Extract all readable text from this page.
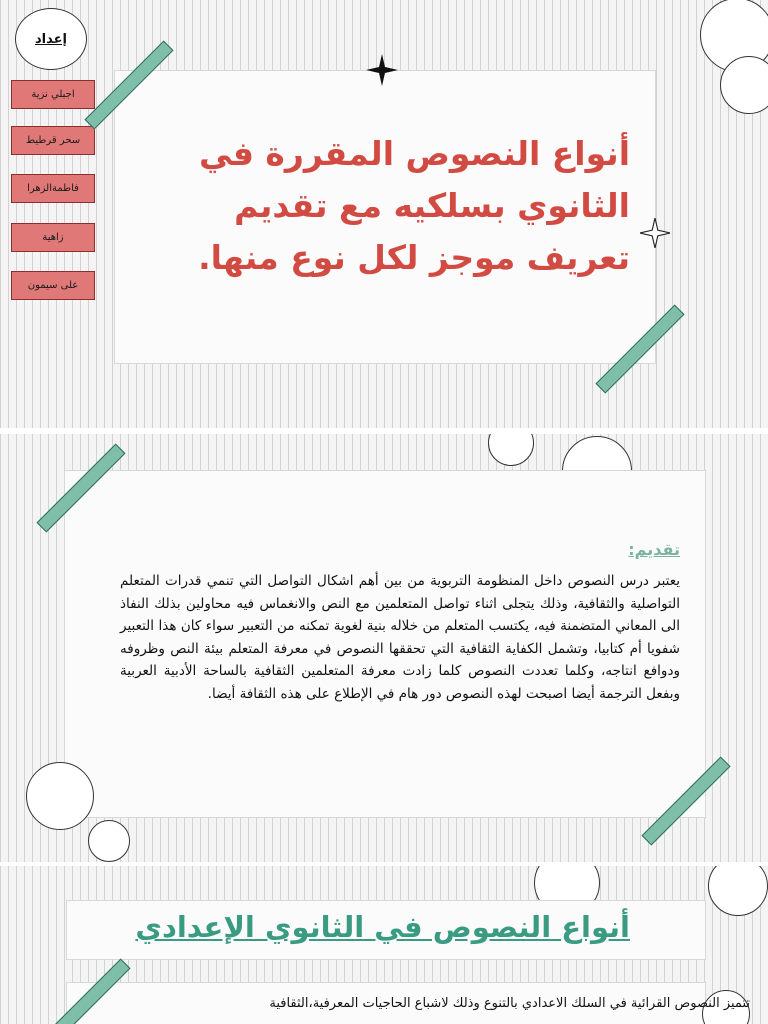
إعداد
اجبلي نزية
سحر قرطيط
فاطمةالزهرا
زاهية
على سيمون
أنواع النصوص المقررة في الثانوي بسلكيه مع تقديم تعريف موجز لكل نوع منها.
تقديم:

يعتبر درس النصوص داخل المنظومة التربوية من بين أهم اشكال التواصل التي تنمي قدرات المتعلم التواصلية والثقافية، وذلك يتجلى اثناء تواصل المتعلمين مع النص والانغماس فيه محاولين بذلك النفاذ الى المعاني المتضمنة فيه، يكتسب المتعلم من خلاله بنية لغوية تمكنه من التعبير سواء كان هذا التعبير شفويا أم كتابيا، وتشمل الكفاية الثقافية التي تحققها النصوص في معرفة المتعلم بيئة النص وظروفه ودوافع انتاجه، وكلما تعددت النصوص كلما زادت معرفة المتعلمين الثقافية بالساحة الأدبية العربية وبفعل الترجمة أيضا اصبحت لهذه النصوص دور هام في الإطلاع على هذه الثقافة أيضا.

أنواع النصوص في الثانوي الإعدادي

تتميز النصوص القرائية في السلك الاعدادي بالتنوع وذلك لاشباع الحاجيات المعرفية،الثقافية
